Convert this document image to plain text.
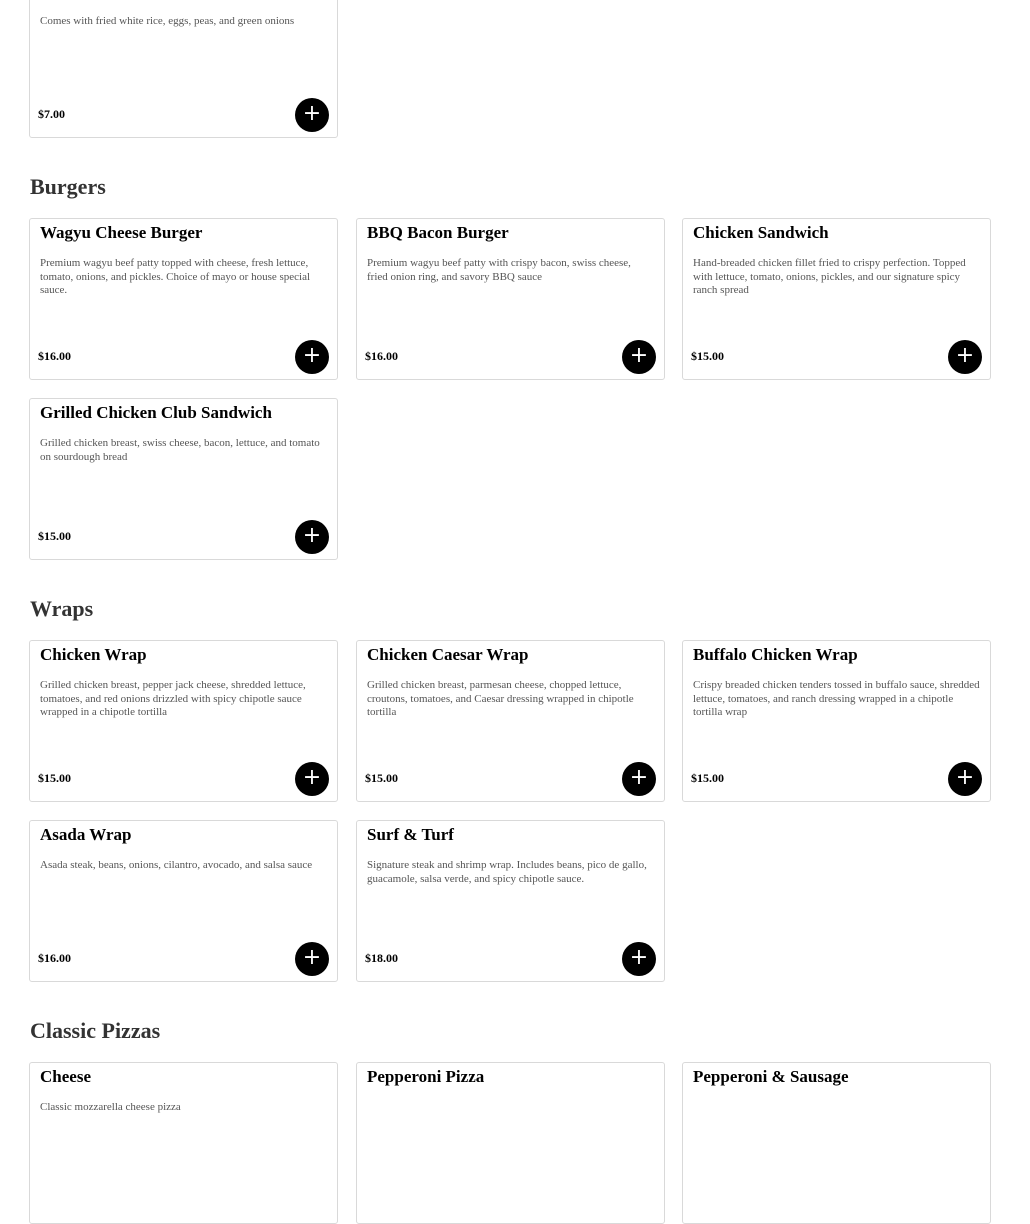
Comes with fried white rice, eggs, peas, and green onions
$7.00	+
Burgers
Wagyu Cheese Burger
Premium wagyu beef patty topped with cheese, fresh lettuce, tomato, onions, and pickles. Choice of mayo or house special sauce.
$16.00	+
BBQ Bacon Burger
Premium wagyu beef patty with crispy bacon, swiss cheese, fried onion ring, and savory BBQ sauce
$16.00	+
Chicken Sandwich
Hand-breaded chicken fillet fried to crispy perfection. Topped with lettuce, tomato, onions, pickles, and our signature spicy ranch spread
$15.00	+
Grilled Chicken Club Sandwich
Grilled chicken breast, swiss cheese, bacon, lettuce, and tomato on sourdough bread
$15.00	+
Wraps
Chicken Wrap
Grilled chicken breast, pepper jack cheese, shredded lettuce, tomatoes, and red onions drizzled with spicy chipotle sauce wrapped in a chipotle tortilla
$15.00	+
Chicken Caesar Wrap
Grilled chicken breast, parmesan cheese, chopped lettuce, croutons, tomatoes, and Caesar dressing wrapped in chipotle tortilla
$15.00	+
Buffalo Chicken Wrap
Crispy breaded chicken tenders tossed in buffalo sauce, shredded lettuce, tomatoes, and ranch dressing wrapped in a chipotle tortilla wrap
$15.00	+
Asada Wrap
Asada steak, beans, onions, cilantro, avocado, and salsa sauce
$16.00	+
Surf & Turf
Signature steak and shrimp wrap. Includes beans, pico de gallo, guacamole, salsa verde, and spicy chipotle sauce.
$18.00	+
Classic Pizzas
Cheese
Classic mozzarella cheese pizza
Pepperoni Pizza	Pepperoni & Sausage
